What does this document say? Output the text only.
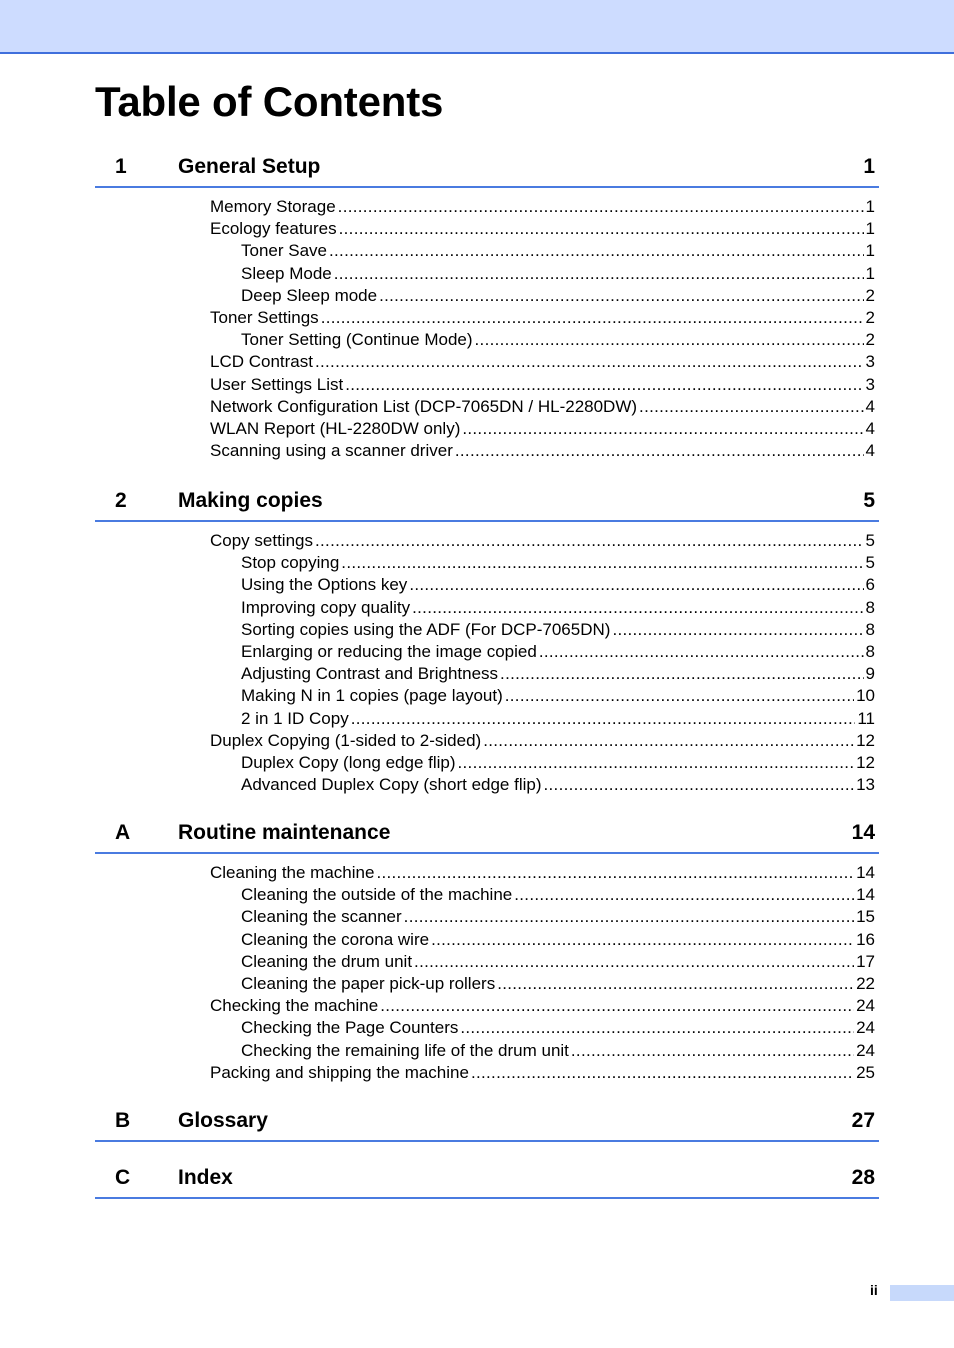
Table of Contents
1 General Setup	1
Memory Storage .....	1
Ecology features .....	1
Toner Save .....	1
Sleep Mode .....	1
Deep Sleep mode .....	2
Toner Settings .....	2
Toner Setting (Continue Mode) .....	2
LCD Contrast .....	3
User Settings List .....	3
Network Configuration List (DCP-7065DN / HL-2280DW) .....	4
WLAN Report (HL-2280DW only) .....	4
Scanning using a scanner driver .....	4
2 Making copies	5
Copy settings .....	5
Stop copying .....	5
Using the Options key .....	6
Improving copy quality .....	8
Sorting copies using the ADF (For DCP-7065DN) .....	8
Enlarging or reducing the image copied .....	8
Adjusting Contrast and Brightness .....	9
Making N in 1 copies (page layout) .....	10
2 in 1 ID Copy .....	11
Duplex Copying (1-sided to 2-sided) .....	12
Duplex Copy (long edge flip) .....	12
Advanced Duplex Copy (short edge flip) .....	13
A Routine maintenance	14
Cleaning the machine .....	14
Cleaning the outside of the machine .....	14
Cleaning the scanner .....	15
Cleaning the corona wire .....	16
Cleaning the drum unit .....	17
Cleaning the paper pick-up rollers .....	22
Checking the machine .....	24
Checking the Page Counters .....	24
Checking the remaining life of the drum unit .....	24
Packing and shipping the machine .....	25
B Glossary	27
C Index	28
ii
